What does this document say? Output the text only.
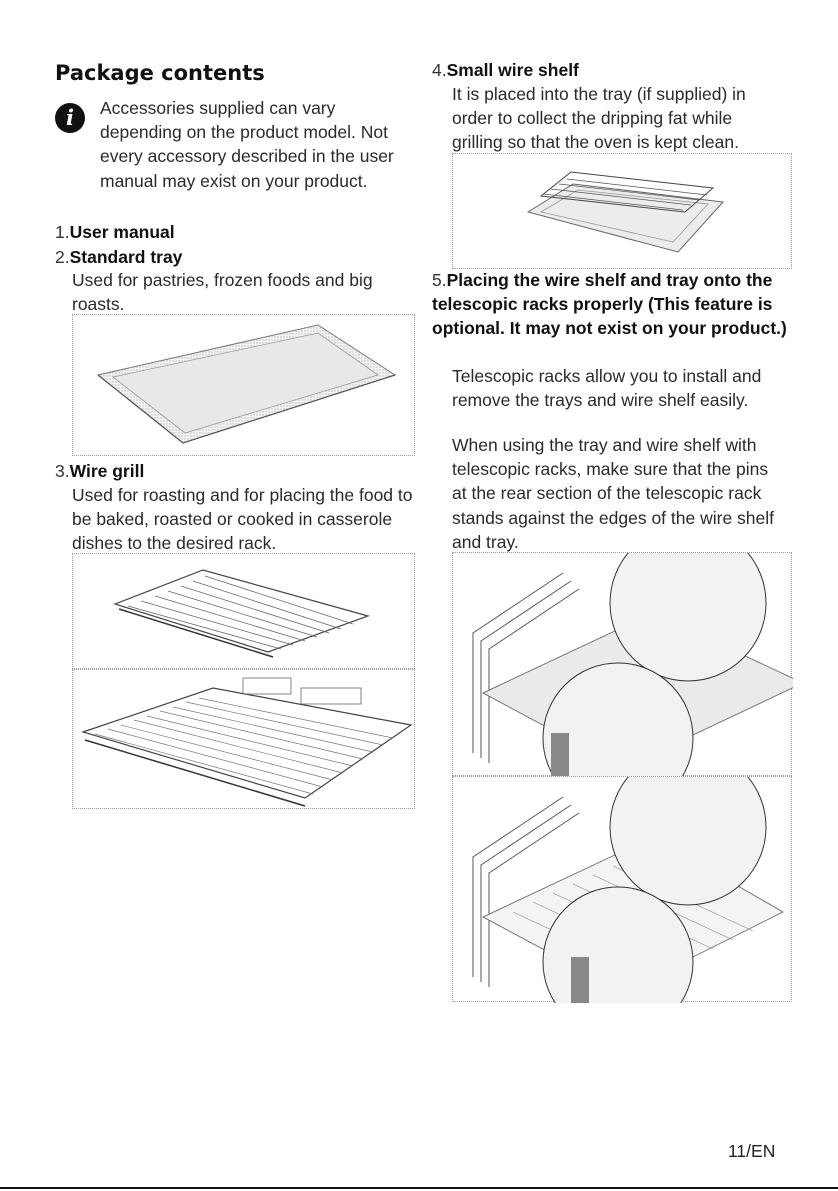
Package contents
i	Accessories supplied can vary depending on the product model. Not every accessory described in the user manual may exist on your product.

1.User manual

2.Standard tray

Used for pastries, frozen foods and big roasts.

3.Wire grill

Used for roasting and for placing the food to be baked, roasted or cooked in casserole dishes to the desired rack.

4.Small wire shelf

It is placed into the tray (if supplied) in order to collect the dripping fat while grilling so that the oven is kept clean.

5.Placing the wire shelf and tray onto the telescopic racks properly (This feature is optional. It may not exist on your product.)

Telescopic racks allow you to install and remove the trays and wire shelf easily.

When using the tray and wire shelf with telescopic racks, make sure that the pins at the rear section of the telescopic rack stands against the edges of the wire shelf and tray.

11/EN
